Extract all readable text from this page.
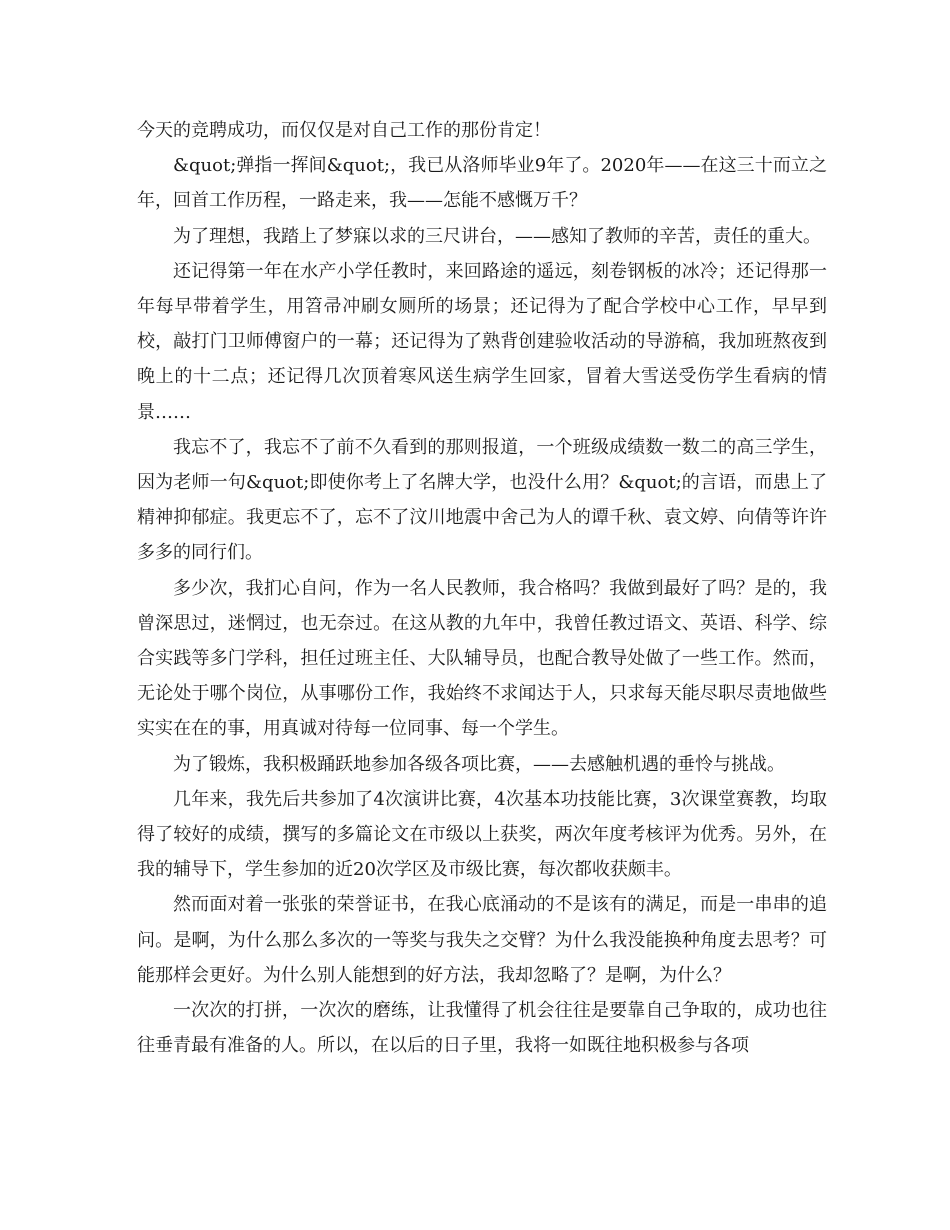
今天的竞聘成功，而仅仅是对自己工作的那份肯定！

&quot;弹指一挥间&quot;，我已从洛师毕业9年了。2020年——在这三十而立之年，回首工作历程，一路走来，我——怎能不感慨万千？

为了理想，我踏上了梦寐以求的三尺讲台，——感知了教师的辛苦，责任的重大。

还记得第一年在水产小学任教时，来回路途的遥远，刻卷钢板的冰冷；还记得那一年每早带着学生，用笤帚冲刷女厕所的场景；还记得为了配合学校中心工作，早早到校，敲打门卫师傅窗户的一幕；还记得为了熟背创建验收活动的导游稿，我加班熬夜到晚上的十二点；还记得几次顶着寒风送生病学生回家，冒着大雪送受伤学生看病的情景……

我忘不了，我忘不了前不久看到的那则报道，一个班级成绩数一数二的高三学生，因为老师一句&quot;即使你考上了名牌大学，也没什么用？&quot;的言语，而患上了精神抑郁症。我更忘不了，忘不了汶川地震中舍己为人的谭千秋、袁文婷、向倩等许许多多的同行们。

多少次，我扪心自问，作为一名人民教师，我合格吗？我做到最好了吗？是的，我曾深思过，迷惘过，也无奈过。在这从教的九年中，我曾任教过语文、英语、科学、综合实践等多门学科，担任过班主任、大队辅导员，也配合教导处做了一些工作。然而，无论处于哪个岗位，从事哪份工作，我始终不求闻达于人，只求每天能尽职尽责地做些实实在在的事，用真诚对待每一位同事、每一个学生。

为了锻炼，我积极踊跃地参加各级各项比赛，——去感触机遇的垂怜与挑战。

几年来，我先后共参加了4次演讲比赛，4次基本功技能比赛，3次课堂赛教，均取得了较好的成绩，撰写的多篇论文在市级以上获奖，两次年度考核评为优秀。另外，在我的辅导下，学生参加的近20次学区及市级比赛，每次都收获颇丰。

然而面对着一张张的荣誉证书，在我心底涌动的不是该有的满足，而是一串串的追问。是啊，为什么那么多次的一等奖与我失之交臂？为什么我没能换种角度去思考？可能那样会更好。为什么别人能想到的好方法，我却忽略了？是啊，为什么？

一次次的打拼，一次次的磨练，让我懂得了机会往往是要靠自己争取的，成功也往往垂青最有准备的人。所以，在以后的日子里，我将一如既往地积极参与各项
